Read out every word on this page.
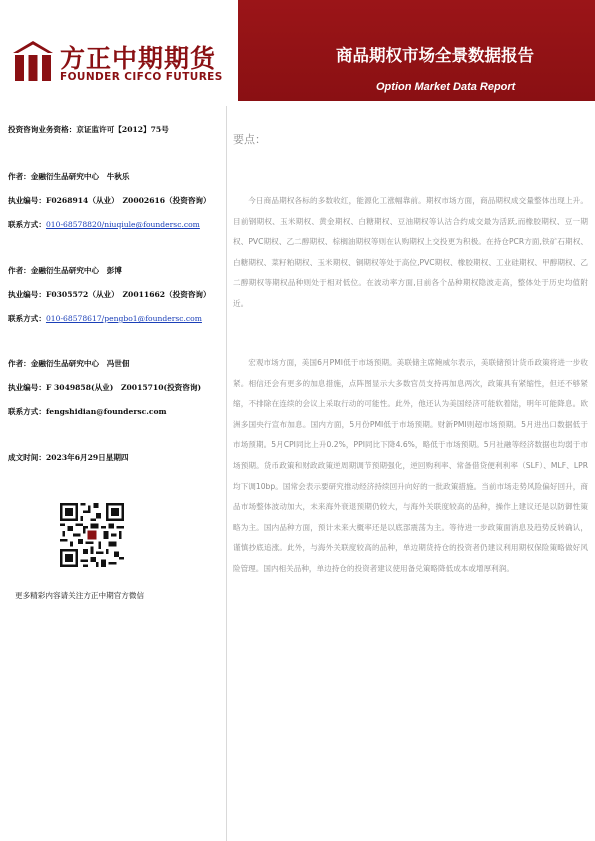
方正中期期货
FOUNDER CIFCO FUTURES
商品期权市场全景数据报告
Option Market Data Report
投资咨询业务资格：京证监许可【2012】75号
作者：金融衍生品研究中心　牛秋乐
执业编号：F0268914（从业）　Z0002616（投资咨询）
联系方式：010-68578820/niuqiule@foundersc.com
作者：金融衍生品研究中心　彭博
执业编号：F0305572（从业）　Z0011662（投资咨询）
联系方式：010-68578617/pengbo1@foundersc.com
作者：金融衍生品研究中心　冯世佃
执业编号：F 3049858(从业)　Z0015710(投资咨询)
联系方式：fengshidian@foundersc.com
成文时间：2023年6月29日星期四
更多精彩内容请关注方正中期官方微信
要点：

今日商品期权各标的多数收红，能源化工涨幅靠前。期权市场方面，商品期权成交量整体出现上升。目前钢期权、玉米期权、黄金期权、白糖期权、豆油期权等认沽合约成交最为活跃,而橡胶期权、豆一期权、PVC期权、乙二醇期权、棕榈油期权等则在认购期权上交投更为积极。在持仓PCR方面,铁矿石期权、白糖期权、菜籽粕期权、玉米期权、铜期权等处于高位,PVC期权、橡胶期权、工业硅期权、甲醇期权、乙二醇期权等期权品种则处于相对低位。在波动率方面,目前各个品种期权隐波走高，整体处于历史均值附近。

宏观市场方面，美国6月PMI低于市场预期。美联储主席鲍威尔表示，美联储预计货币政策将进一步收紧。相信还会有更多的加息措施，点阵图显示大多数官员支持再加息两次，政策具有紧缩性，但还不够紧缩，不排除在连续的会议上采取行动的可能性。此外，他还认为美国经济可能软着陆，明年可能降息。欧洲多国央行宣布加息。国内方面，5月份PMI低于市场预期。财新PMI则超市场预期。5月进出口数据低于市场预期。5月CPI同比上升0.2%，PPI同比下降4.6%，略低于市场预期。5月社融等经济数据也均弱于市场预期。货币政策和财政政策逆周期调节预期强化，逆回购利率、常备借贷便利利率（SLF）、MLF、LPR均下调10bp。国常会表示要研究推动经济持续回升向好的一批政策措施。当前市场走势风险偏好回升，商品市场整体波动加大，未来海外衰退预期仍较大，与海外关联度较高的品种，操作上建议还是以防御性策略为主。国内品种方面，预计未来大概率还是以底部震荡为主。等待进一步政策面消息及趋势反转确认，谨慎抄底追涨。此外，与海外关联度较高的品种，单边期货持仓的投资者仍建议利用期权保险策略做好风险管理。国内相关品种，单边持仓的投资者建议使用备兑策略降低成本或增厚利润。
